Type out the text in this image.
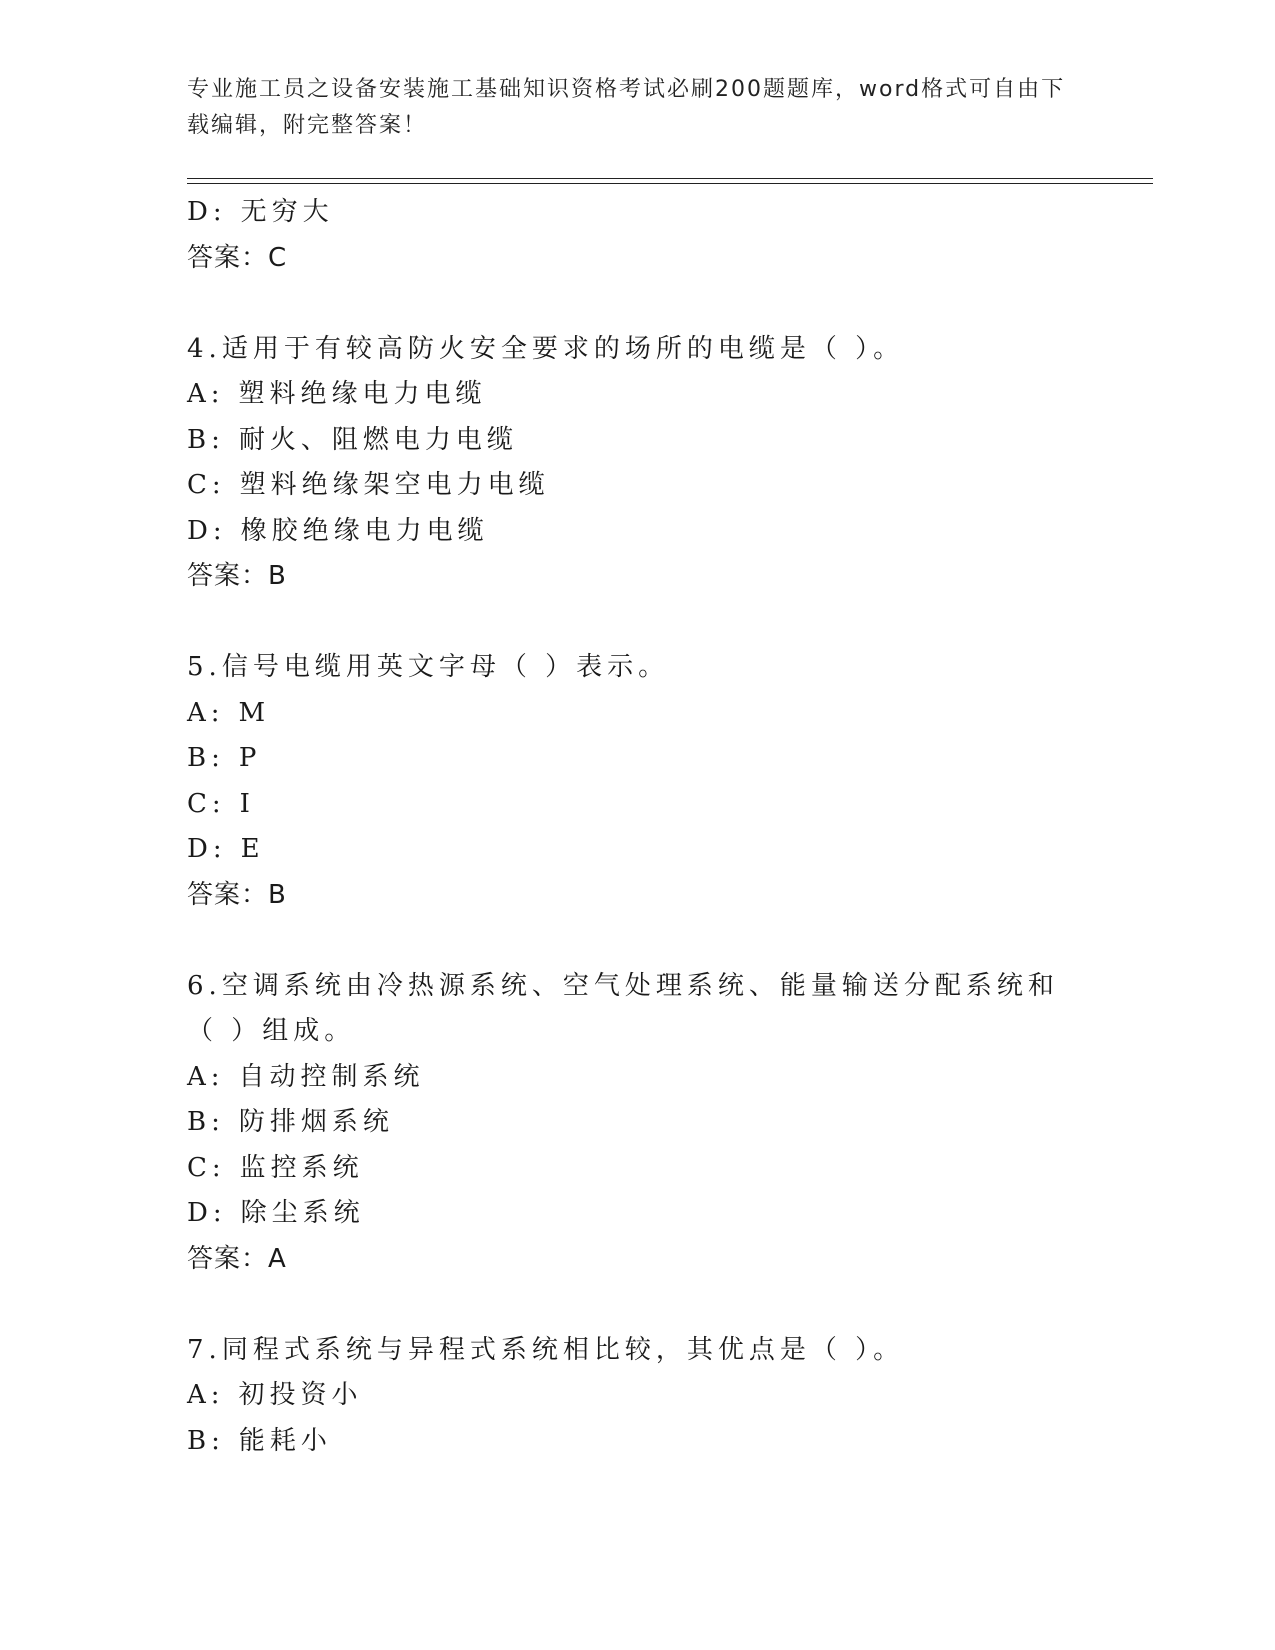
专业施工员之设备安装施工基础知识资格考试必刷200题题库，word格式可自由下载编辑，附完整答案！
D: 无穷大
答案：C
4.适用于有较高防火安全要求的场所的电缆是（ ）。
A: 塑料绝缘电力电缆
B: 耐火、阻燃电力电缆
C: 塑料绝缘架空电力电缆
D: 橡胶绝缘电力电缆
答案：B
5.信号电缆用英文字母（ ）表示。
A: M
B: P
C: I
D: E
答案：B
6.空调系统由冷热源系统、空气处理系统、能量输送分配系统和（ ）组成。
A: 自动控制系统
B: 防排烟系统
C: 监控系统
D: 除尘系统
答案：A
7.同程式系统与异程式系统相比较，其优点是（ ）。
A: 初投资小
B: 能耗小
